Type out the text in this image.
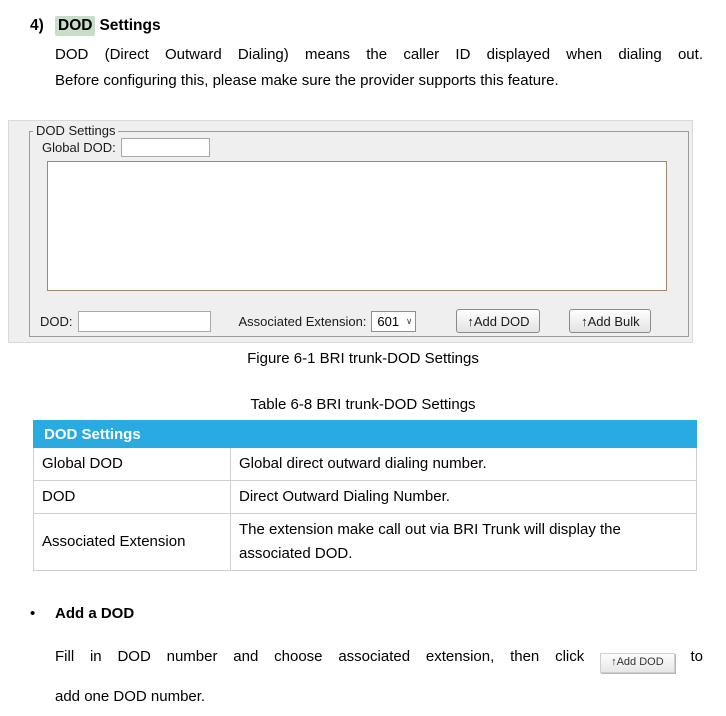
4) DOD Settings
DOD (Direct Outward Dialing) means the caller ID displayed when dialing out.
Before configuring this, please make sure the provider supports this feature.
DOD Settings
Global DOD:
DOD:	Associated Extension: 601 ∨	↑Add DOD	↑Add Bulk
Figure 6-1 BRI trunk-DOD Settings
Table 6-8 BRI trunk-DOD Settings
DOD Settings	
Global DOD	Global direct outward dialing number.
DOD	Direct Outward Dialing Number.
Associated Extension	The extension make call out via BRI Trunk will display the associated DOD.
•	Add a DOD
Fill in DOD number and choose associated extension, then click ↑Add DOD to
add one DOD number.
